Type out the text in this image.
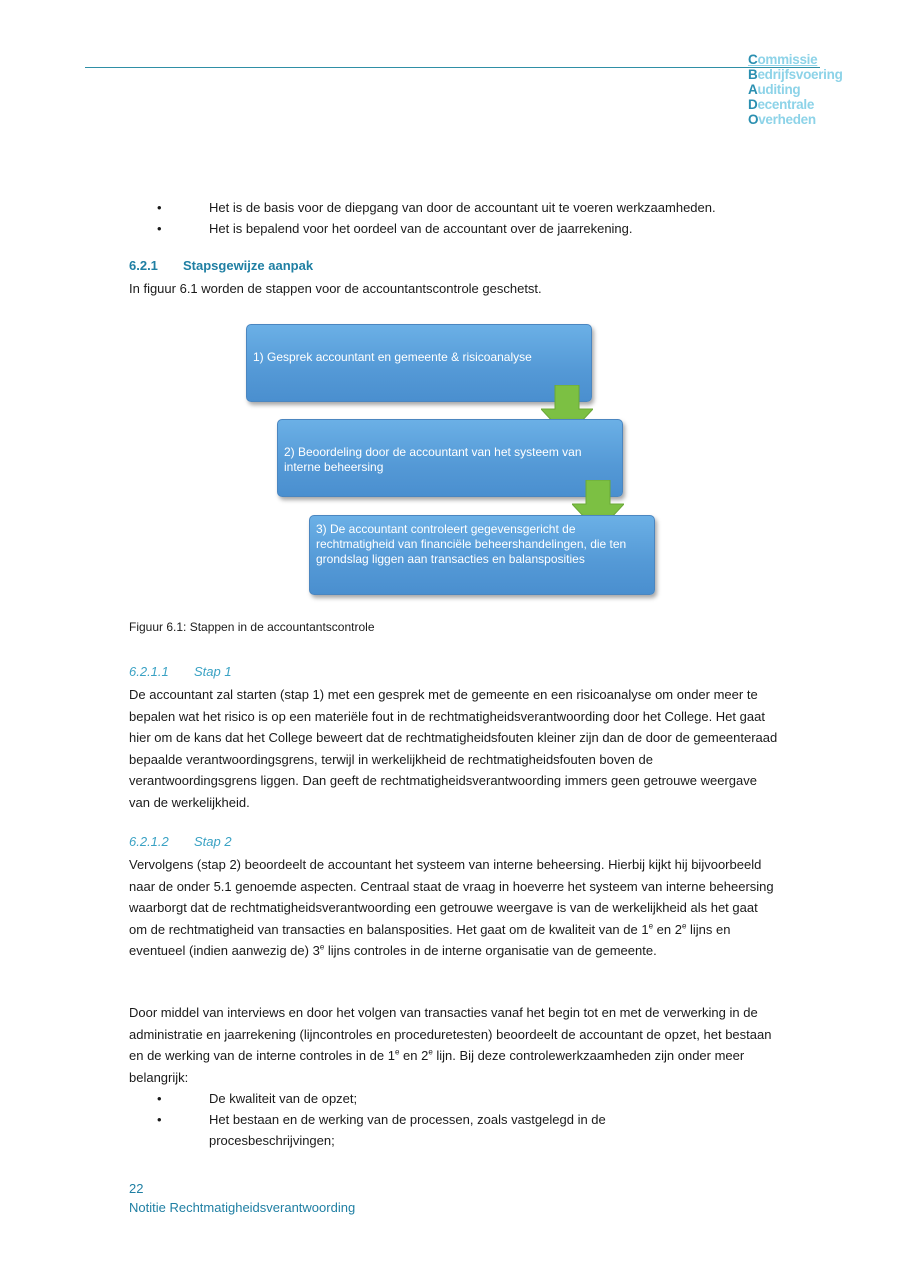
Commissie
Bedrijfsvoering
Auditing
Decentrale
Overheden
•	Het is de basis voor de diepgang van door de accountant uit te voeren werkzaamheden.
•	Het is bepalend voor het oordeel van de accountant over de jaarrekening.
6.2.1 Stapsgewijze aanpak
In figuur 6.1 worden de stappen voor de accountantscontrole geschetst.
1) Gesprek accountant en gemeente & risicoanalyse
2) Beoordeling door de accountant van het systeem van interne beheersing
3) De accountant controleert gegevensgericht de rechtmatigheid van financiële beheershandelingen, die ten grondslag liggen aan transacties en balansposities
Figuur 6.1: Stappen in de accountantscontrole
6.2.1.1 Stap 1
De accountant zal starten (stap 1) met een gesprek met de gemeente en een risicoanalyse om onder meer te bepalen wat het risico is op een materiële fout in de rechtmatigheidsverantwoording door het College. Het gaat hier om de kans dat het College beweert dat de rechtmatigheidsfouten kleiner zijn dan de door de gemeenteraad bepaalde verantwoordingsgrens, terwijl in werkelijkheid de rechtmatigheidsfouten boven de verantwoordingsgrens liggen. Dan geeft de rechtmatigheidsverantwoording immers geen getrouwe weergave van de werkelijkheid.
6.2.1.2 Stap 2
Vervolgens (stap 2) beoordeelt de accountant het systeem van interne beheersing. Hierbij kijkt hij bijvoorbeeld naar de onder 5.1 genoemde aspecten. Centraal staat de vraag in hoeverre het systeem van interne beheersing waarborgt dat de rechtmatigheidsverantwoording een getrouwe weergave is van de werkelijkheid als het gaat om de rechtmatigheid van transacties en balansposities. Het gaat om de kwaliteit van de 1e en 2e lijns en eventueel (indien aanwezig de) 3e lijns controles in de interne organisatie van de gemeente.
Door middel van interviews en door het volgen van transacties vanaf het begin tot en met de verwerking in de administratie en jaarrekening (lijncontroles en proceduretesten) beoordeelt de accountant de opzet, het bestaan en de werking van de interne controles in de 1e en 2e lijn. Bij deze controlewerkzaamheden zijn onder meer belangrijk:
•	De kwaliteit van de opzet;
•	Het bestaan en de werking van de processen, zoals vastgelegd in de procesbeschrijvingen;
22
Notitie Rechtmatigheidsverantwoording
